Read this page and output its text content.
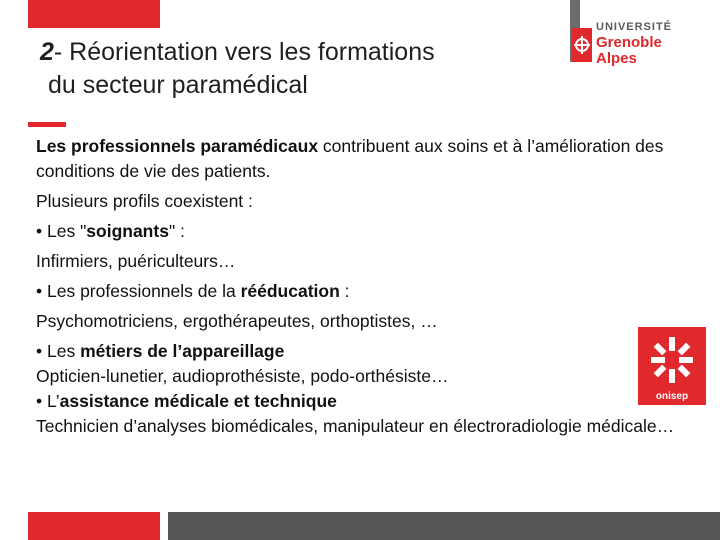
2- Réorientation vers les formations
du secteur paramédical
UNIVERSITÉ
Grenoble
Alpes

Les professionnels paramédicaux contribuent aux soins et à l’amélioration des conditions de vie des patients.

Plusieurs profils coexistent :

• Les "soignants" :

Infirmiers, puériculteurs…

• Les professionnels de la rééducation :

Psychomotriciens, ergothérapeutes, orthoptistes, …

• Les métiers de l’appareillage

Opticien-lunetier, audioprothésiste, podo-orthésiste…

• L’assistance médicale et technique

Technicien d’analyses biomédicales, manipulateur en électroradiologie médicale…

onisep
